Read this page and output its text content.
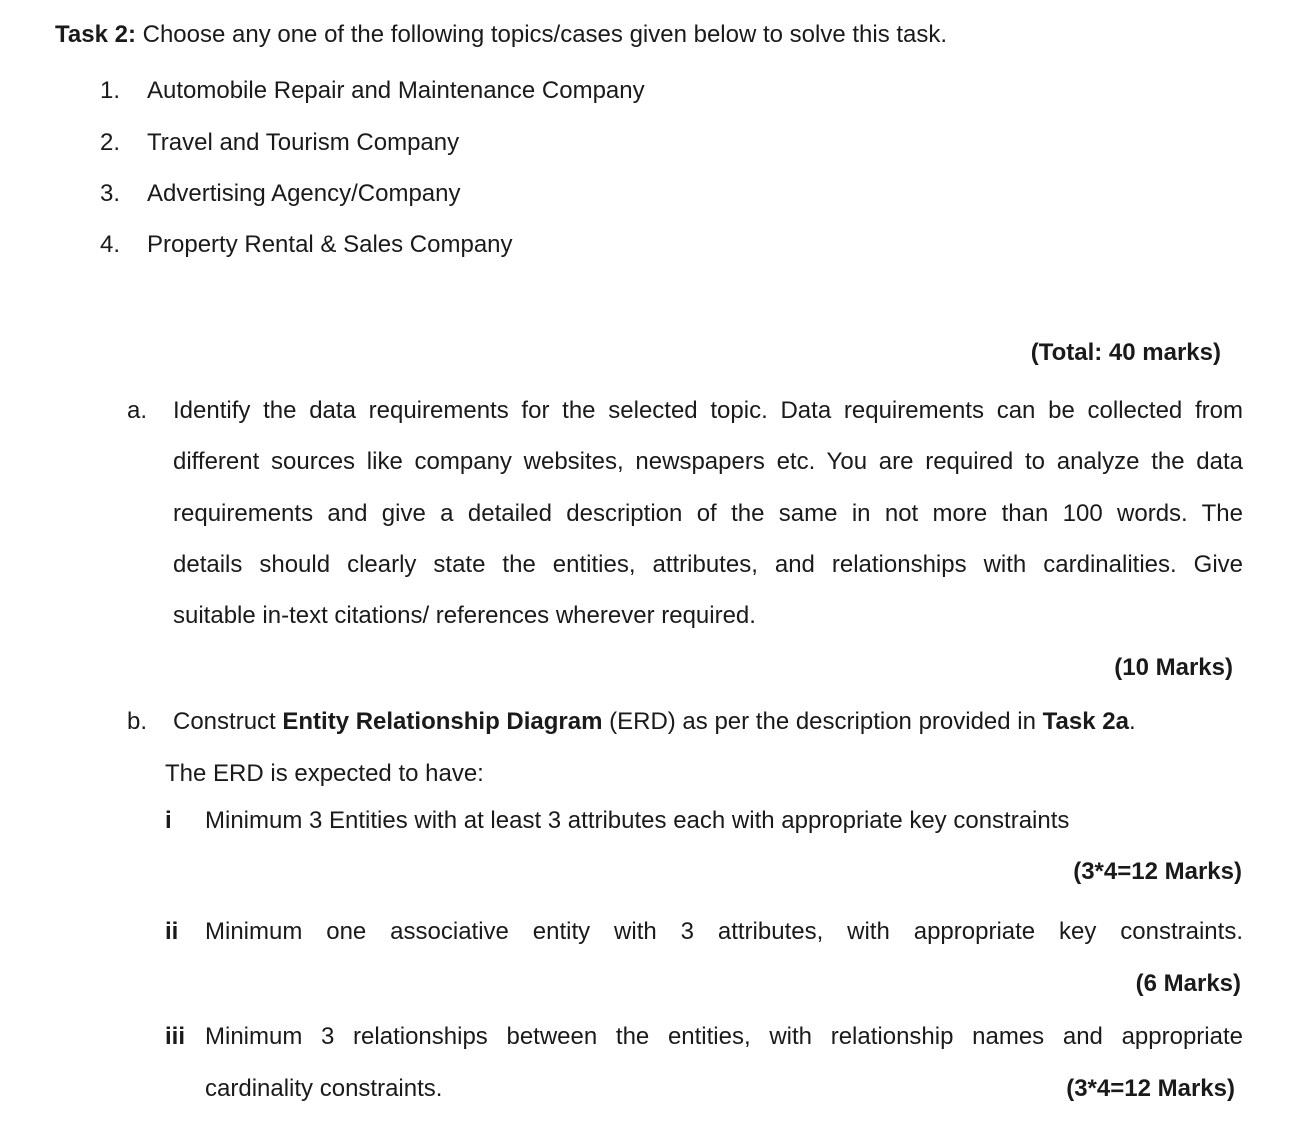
Task 2: Choose any one of the following topics/cases given below to solve this task.
1. Automobile Repair and Maintenance Company
2. Travel and Tourism Company
3. Advertising Agency/Company
4. Property Rental & Sales Company
(Total: 40 marks)
a. Identify the data requirements for the selected topic. Data requirements can be collected from
different sources like company websites, newspapers etc. You are required to analyze the data
requirements and give a detailed description of the same in not more than 100 words. The
details should clearly state the entities, attributes, and relationships with cardinalities. Give
suitable in-text citations/ references wherever required.
(10 Marks)
b. Construct Entity Relationship Diagram (ERD) as per the description provided in Task 2a.
The ERD is expected to have:
i Minimum 3 Entities with at least 3 attributes each with appropriate key constraints
(3*4=12 Marks)
ii Minimum one associative entity with 3 attributes, with appropriate key constraints.
(6 Marks)
iii Minimum 3 relationships between the entities, with relationship names and appropriate
cardinality constraints.	(3*4=12 Marks)
